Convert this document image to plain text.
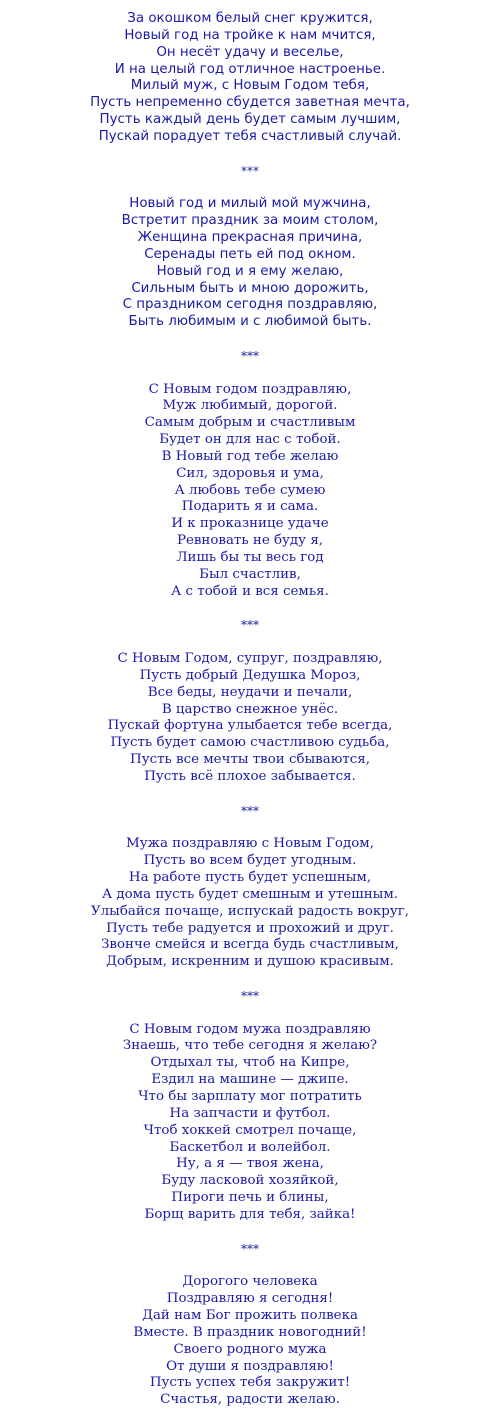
За окошком белый снег кружится,
Новый год на тройке к нам мчится,
Он несёт удачу и веселье,
И на целый год отличное настроенье.
Милый муж, с Новым Годом тебя,
Пусть непременно сбудется заветная мечта,
Пусть каждый день будет самым лучшим,
Пускай порадует тебя счастливый случай.
***
Новый год и милый мой мужчина,
Встретит праздник за моим столом,
Женщина прекрасная причина,
Серенады петь ей под окном.
Новый год и я ему желаю,
Сильным быть и мною дорожить,
С праздником сегодня поздравляю,
Быть любимым и с любимой быть.
***
С Новым годом поздравляю,
Муж любимый, дорогой.
Самым добрым и счастливым
Будет он для нас с тобой.
В Новый год тебе желаю
Сил, здоровья и ума,
А любовь тебе сумею
Подарить я и сама.
И к проказнице удаче
Ревновать не буду я,
Лишь бы ты весь год
Был счастлив,
А с тобой и вся семья.
***
С Новым Годом, супруг, поздравляю,
Пусть добрый Дедушка Мороз,
Все беды, неудачи и печали,
В царство снежное унёс.
Пускай фортуна улыбается тебе всегда,
Пусть будет самою счастливою судьба,
Пусть все мечты твои сбываются,
Пусть всё плохое забывается.
***
Мужа поздравляю с Новым Годом,
Пусть во всем будет угодным.
На работе пусть будет успешным,
А дома пусть будет смешным и утешным.
Улыбайся почаще, испускай радость вокруг,
Пусть тебе радуется и прохожий и друг.
Звонче смейся и всегда будь счастливым,
Добрым, искренним и душою красивым.
***
С Новым годом мужа поздравляю
Знаешь, что тебе сегодня я желаю?
Отдыхал ты, чтоб на Кипре,
Ездил на машине — джипе.
Что бы зарплату мог потратить
На запчасти и футбол.
Чтоб хоккей смотрел почаще,
Баскетбол и волейбол.
Ну, а я — твоя жена,
Буду ласковой хозяйкой,
Пироги печь и блины,
Борщ варить для тебя, зайка!
***
Дорогого человека
Поздравляю я сегодня!
Дай нам Бог прожить полвека
Вместе. В праздник новогодний!
Своего родного мужа
От души я поздравляю!
Пусть успех тебя закружит!
Счастья, радости желаю.
